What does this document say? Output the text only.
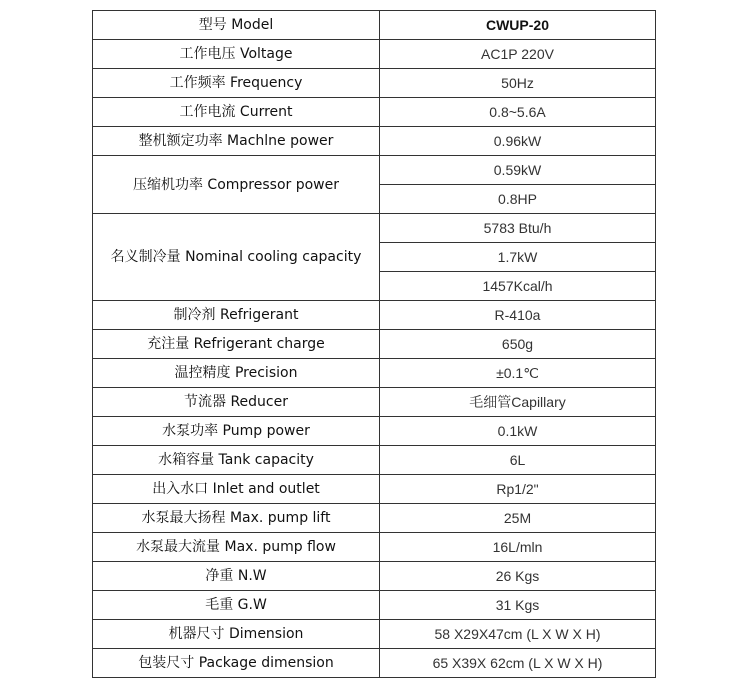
型号 Model	CWUP-20
工作电压 Voltage	AC1P 220V
工作频率 Frequency	50Hz
工作电流 Current	0.8~5.6A
整机额定功率 Machlne power	0.96kW
压缩机功率 Compressor power	0.59kW
	0.8HP
名义制冷量 Nominal cooling capacity	5783 Btu/h
	1.7kW
	1457Kcal/h
制冷剂 Refrigerant	R-410a
充注量 Refrigerant charge	650g
温控精度 Precision	±0.1℃
节流器 Reducer	毛细管Capillary
水泵功率 Pump power	0.1kW
水箱容量 Tank capacity	6L
出入水口 Inlet and outlet	Rp1/2"
水泵最大扬程 Max. pump lift	25M
水泵最大流量 Max. pump flow	16L/mln
净重 N.W	26 Kgs
毛重 G.W	31 Kgs
机器尺寸 Dimension	58 X29X47cm (L X W X H)
包装尺寸 Package dimension	65 X39X 62cm (L X W X H)
